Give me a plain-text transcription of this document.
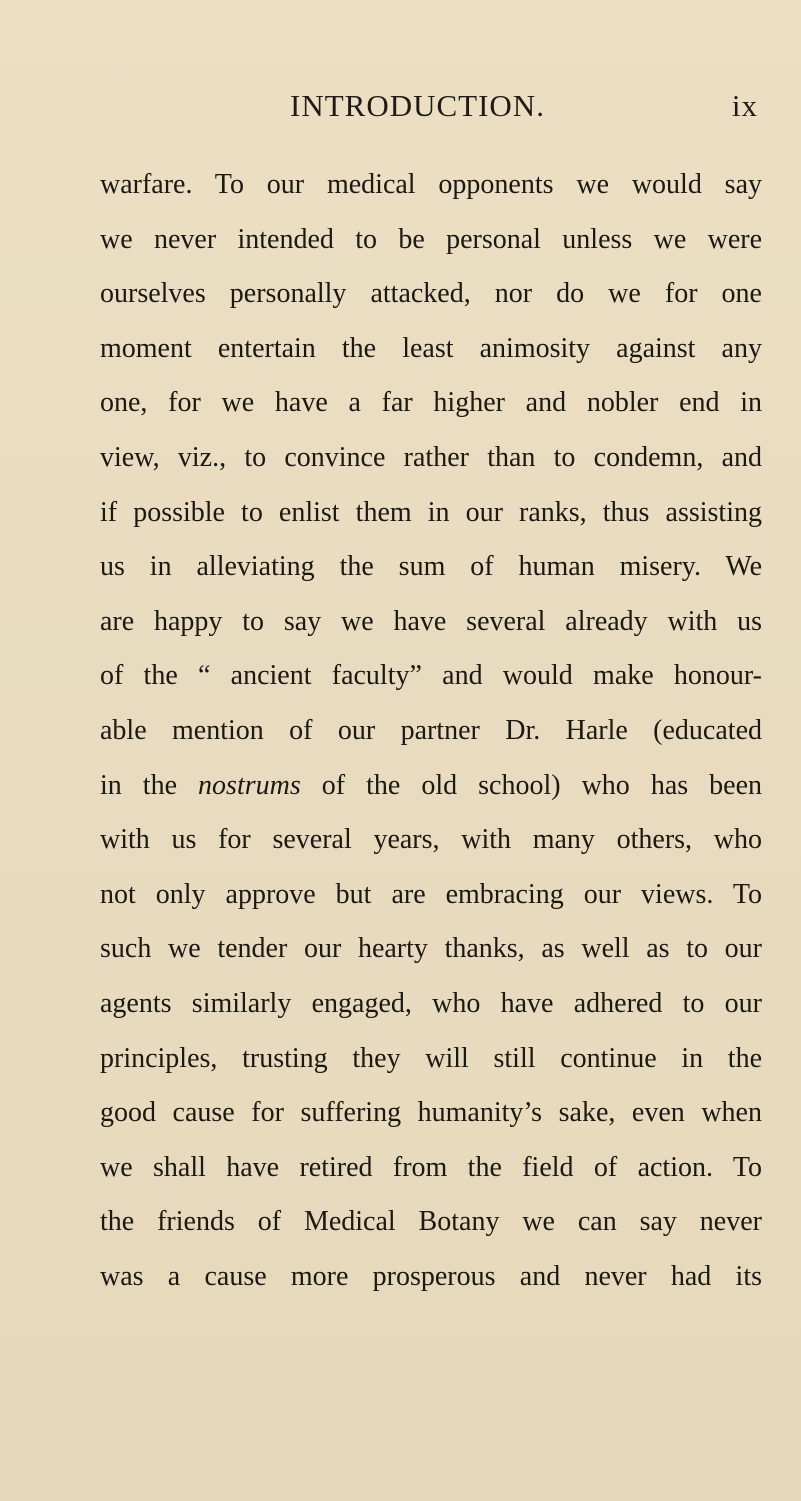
INTRODUCTION.	ix
warfare. To our medical opponents we would say
we never intended to be personal unless we were
ourselves personally attacked, nor do we for one
moment entertain the least animosity against any
one, for we have a far higher and nobler end in
view, viz., to convince rather than to condemn, and
if possible to enlist them in our ranks, thus assisting
us in alleviating the sum of human misery. We
are happy to say we have several already with us
of the “ ancient faculty” and would make honour-
able mention of our partner Dr. Harle (educated
in the nostrums of the old school) who has been
with us for several years, with many others, who
not only approve but are embracing our views. To
such we tender our hearty thanks, as well as to our
agents similarly engaged, who have adhered to our
principles, trusting they will still continue in the
good cause for suffering humanity’s sake, even when
we shall have retired from the field of action. To
the friends of Medical Botany we can say never
was a cause more prosperous and never had its
